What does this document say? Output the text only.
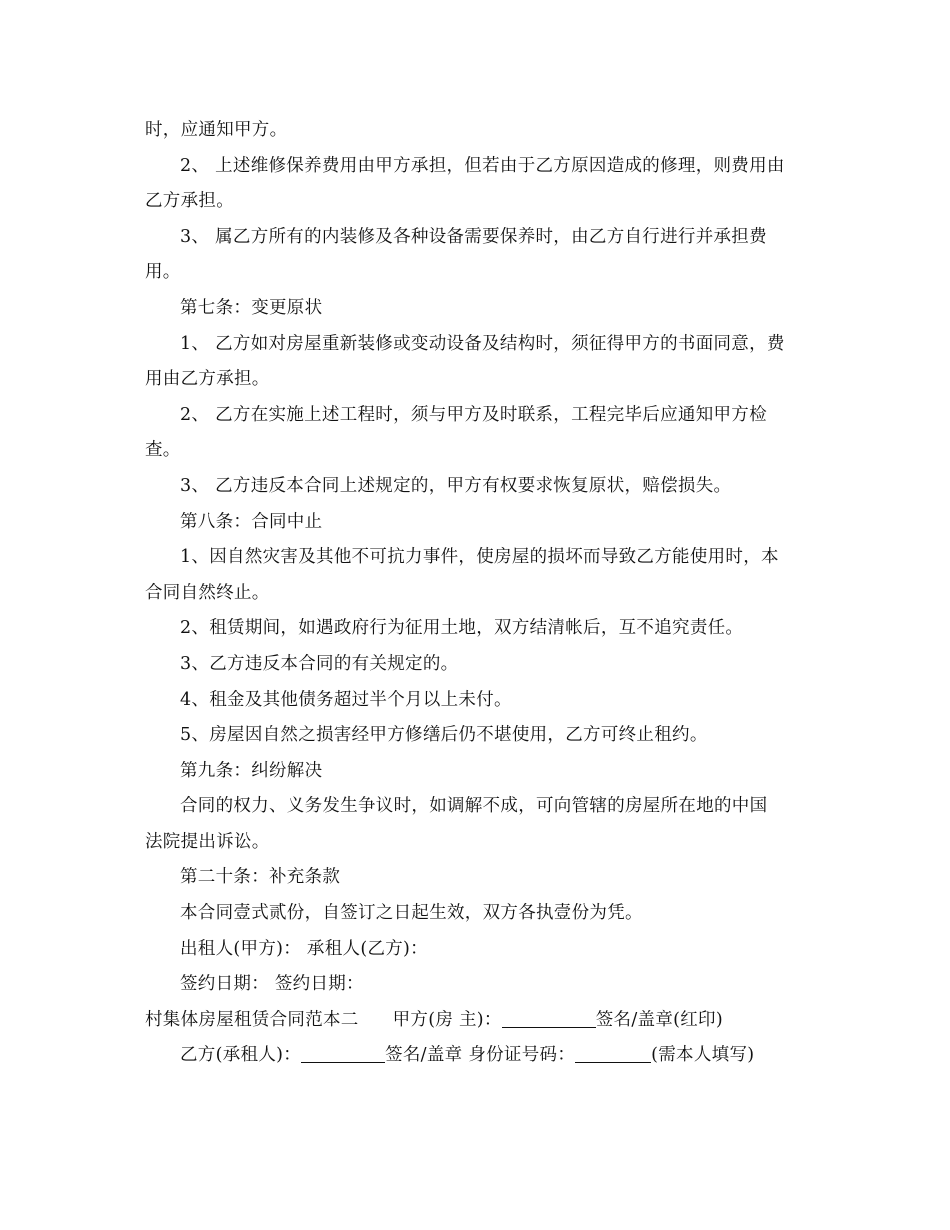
时，应通知甲方。
2、 上述维修保养费用由甲方承担，但若由于乙方原因造成的修理，则费用由
乙方承担。
3、 属乙方所有的内装修及各种设备需要保养时，由乙方自行进行并承担费
用。
第七条：变更原状
1、 乙方如对房屋重新装修或变动设备及结构时，须征得甲方的书面同意，费
用由乙方承担。
2、 乙方在实施上述工程时，须与甲方及时联系，工程完毕后应通知甲方检
查。
3、 乙方违反本合同上述规定的，甲方有权要求恢复原状，赔偿损失。
第八条：合同中止
1、因自然灾害及其他不可抗力事件，使房屋的损坏而导致乙方能使用时，本
合同自然终止。
2、租赁期间，如遇政府行为征用土地，双方结清帐后，互不追究责任。
3、乙方违反本合同的有关规定的。
4、租金及其他债务超过半个月以上未付。
5、房屋因自然之损害经甲方修缮后仍不堪使用，乙方可终止租约。
第九条：纠纷解决
合同的权力、义务发生争议时，如调解不成，可向管辖的房屋所在地的中国
法院提出诉讼。
第二十条：补充条款
本合同壹式贰份，自签订之日起生效，双方各执壹份为凭。
出租人(甲方)： 承租人(乙方)：
签约日期： 签约日期：
村集体房屋租赁合同范本二 甲方(房 主)：	签名/盖章(红印)
乙方(承租人)：	签名/盖章 身份证号码：	(需本人填写)
